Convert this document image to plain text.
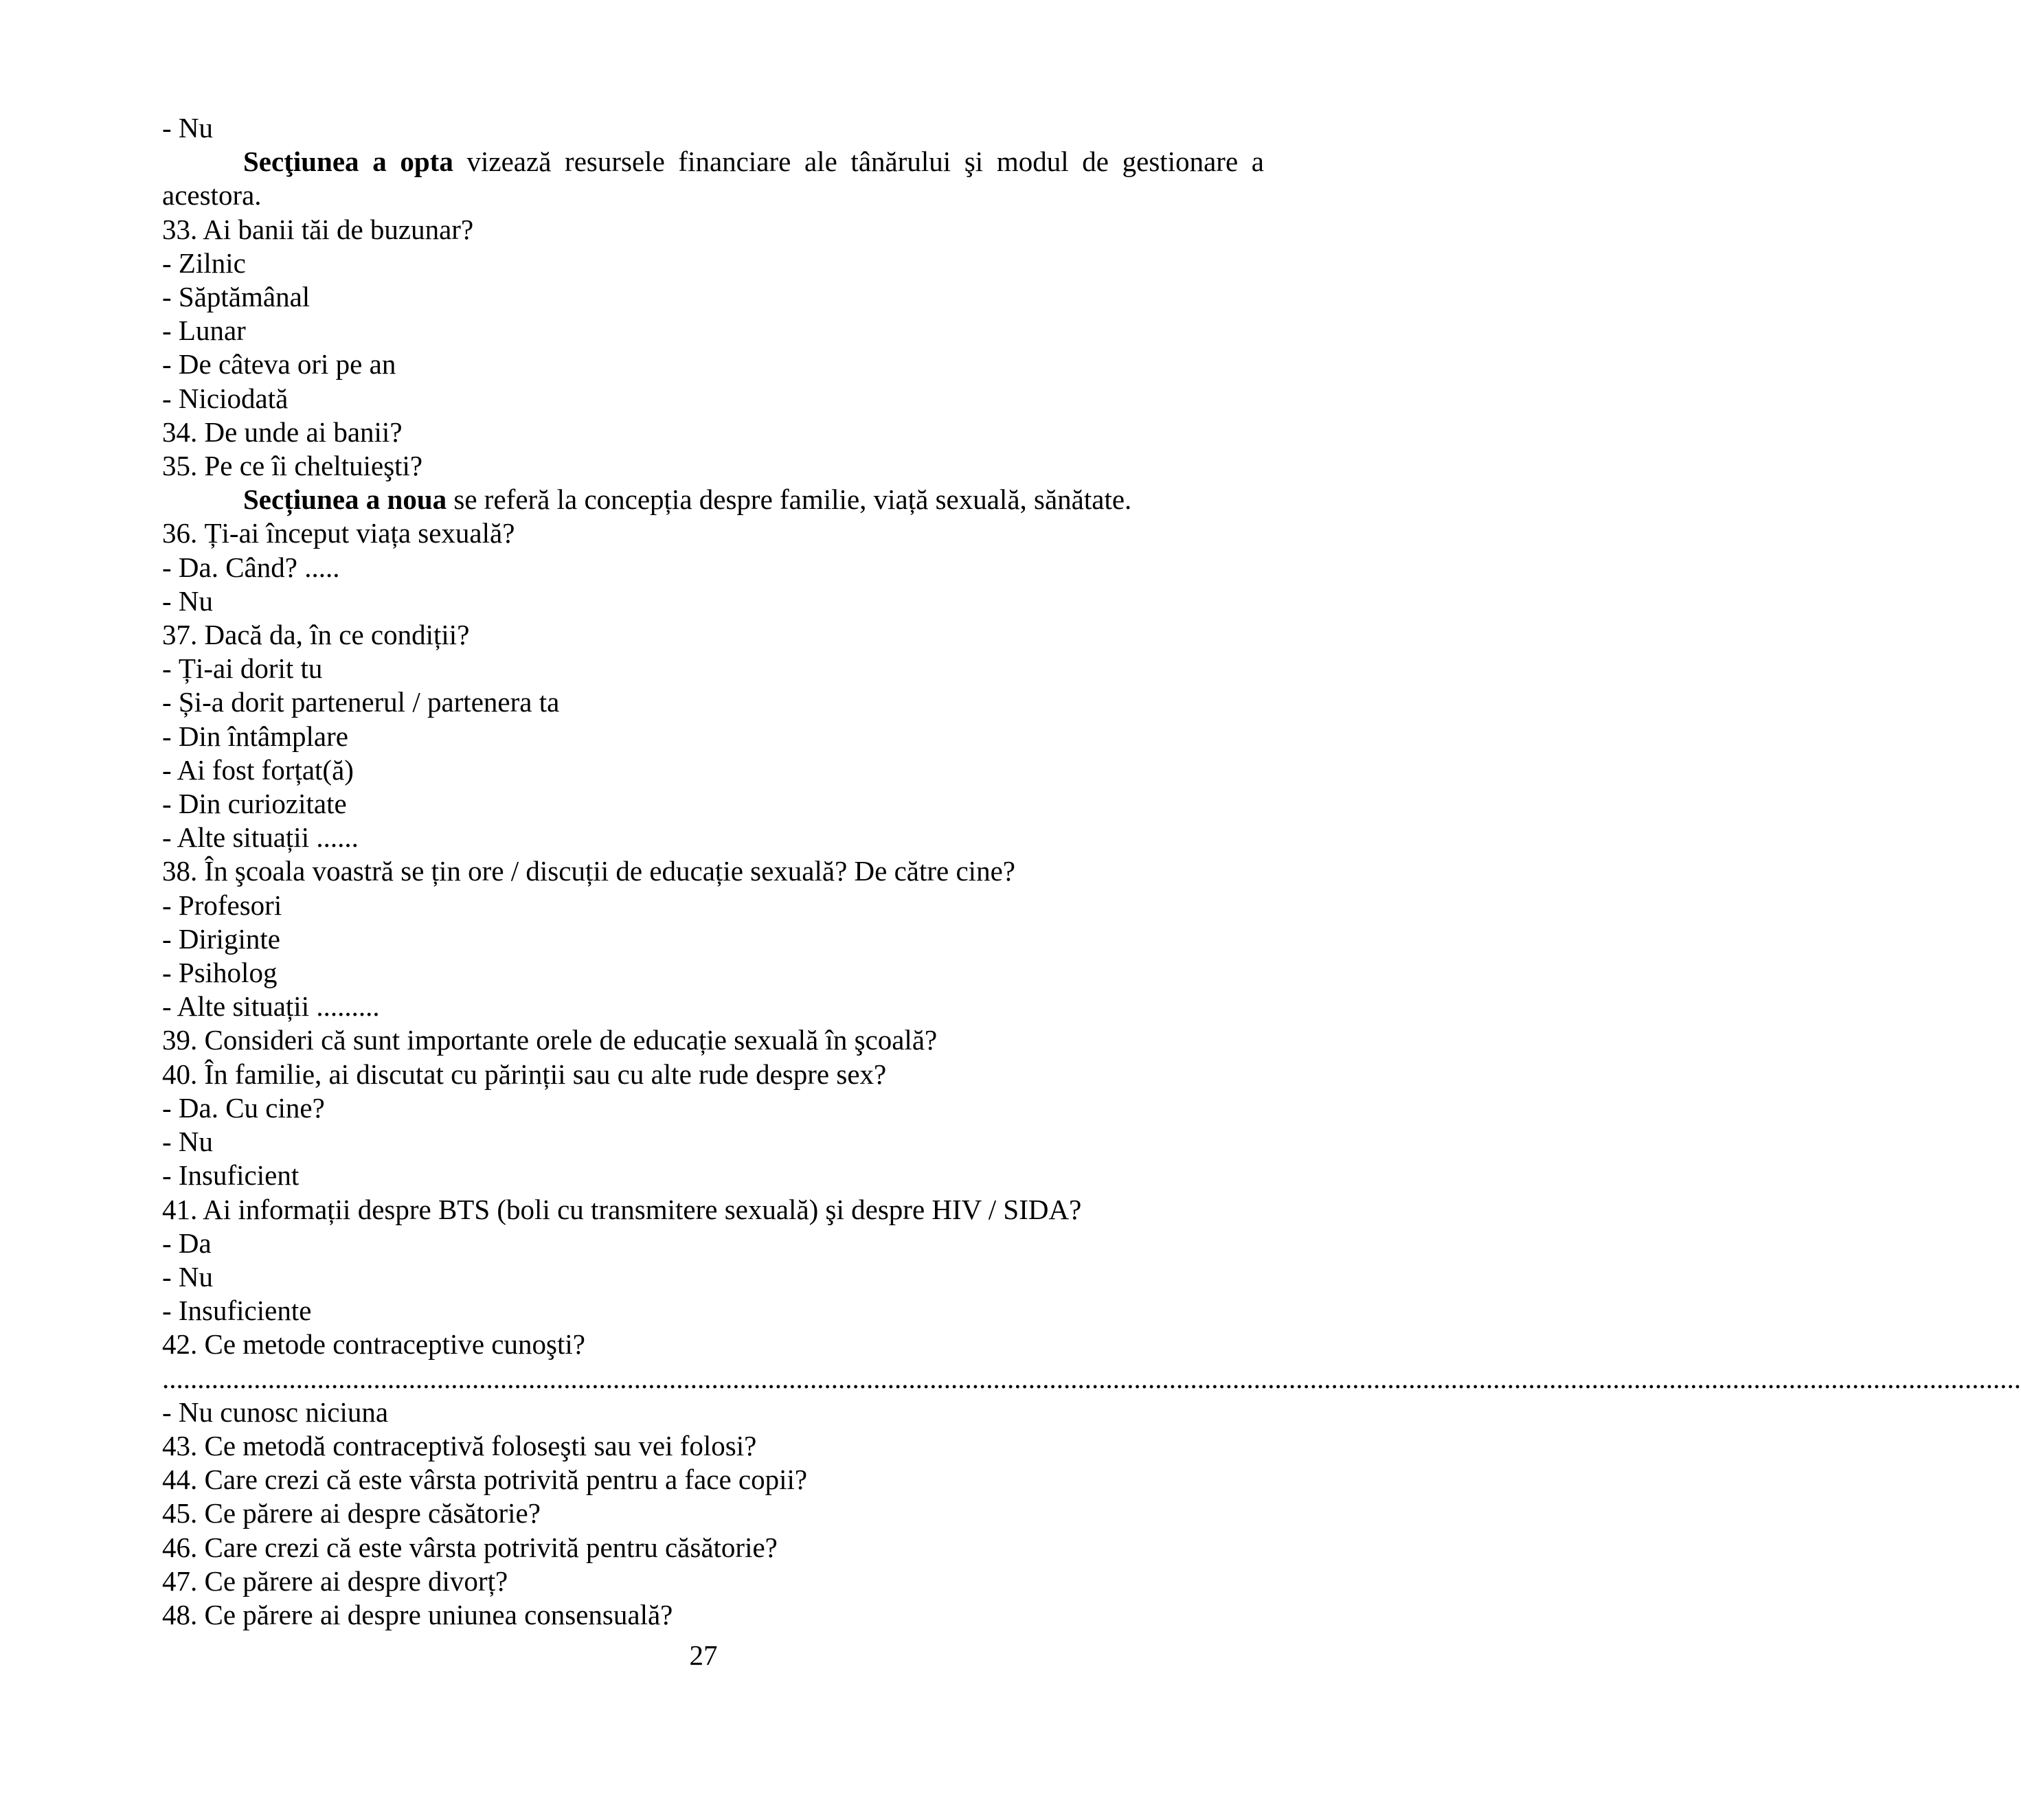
- Nu

Secţiunea a opta vizează resursele financiare ale tânărului şi modul de gestionare a acestora.

33. Ai banii tăi de buzunar?

- Zilnic

- Săptămânal

- Lunar

- De câteva ori pe an

- Niciodată

34. De unde ai banii?

35. Pe ce îi cheltuieşti?

Secțiunea a noua se referă la concepția despre familie, viață sexuală, sănătate.

36. Ți-ai început viața sexuală?

- Da. Când? .....

- Nu

37. Dacă da, în ce condiții?

- Ți-ai dorit tu

- Și-a dorit partenerul / partenera ta

- Din întâmplare

- Ai fost forțat(ă)

- Din curiozitate

- Alte situații ......

38. În şcoala voastră se țin ore / discuții de educație sexuală? De către cine?

- Profesori

- Diriginte

- Psiholog

- Alte situații .........

39. Consideri că sunt importante orele de educație sexuală în şcoală?

40. În familie, ai discutat cu părinții sau cu alte rude despre sex?

- Da. Cu cine?

- Nu

- Insuficient

41. Ai informații despre BTS (boli cu transmitere sexuală) şi despre HIV / SIDA?

- Da

- Nu

- Insuficiente

42. Ce metode contraceptive cunoşti?

........................................................................................................................................................................................................................................................................

- Nu cunosc niciuna

43. Ce metodă contraceptivă foloseşti sau vei folosi?

44. Care crezi că este vârsta potrivită pentru a face copii?

45. Ce părere ai despre căsătorie?

46. Care crezi că este vârsta potrivită pentru căsătorie?

47. Ce părere ai despre divorț?

48. Ce părere ai despre uniunea consensuală?

27
